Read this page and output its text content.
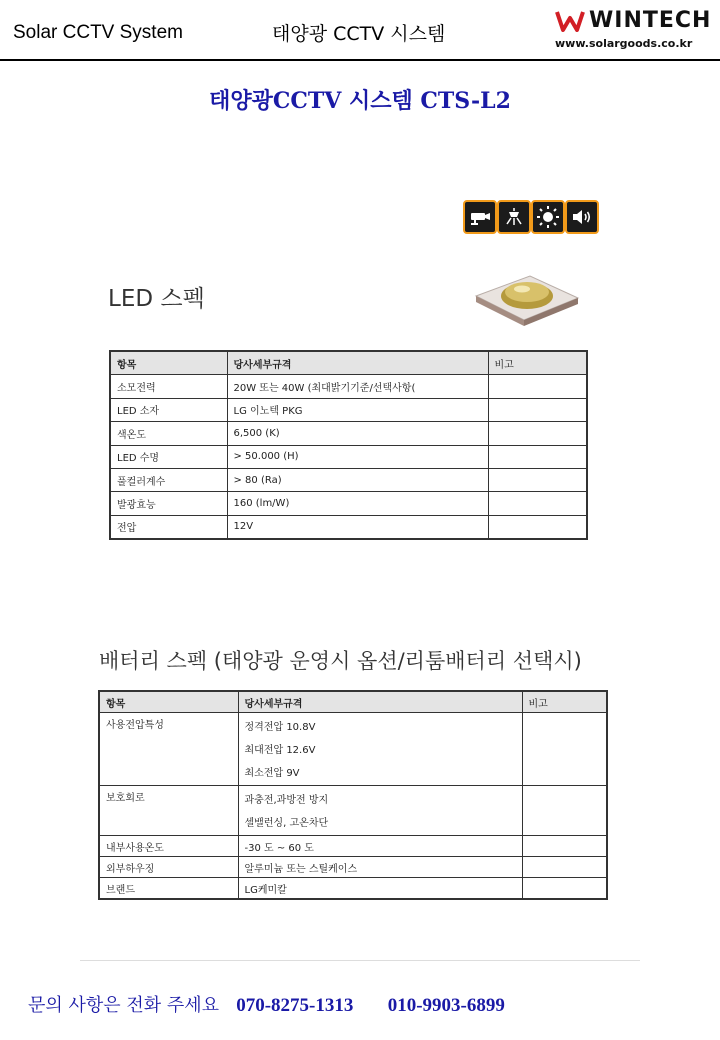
Solar CCTV System	태양광 CCTV 시스템
WINTECH
www.solargoods.co.kr
태양광CCTV 시스템 CTS-L2
LED 스펙
항목	당사세부규격	비고
소모전력	20W 또는 40W (최대밝기기준/선택사항(	
LED 소자	LG 이노텍 PKG	
색온도	6,500 (K)	
LED 수명	> 50.000 (H)	
풀컬러계수	> 80 (Ra)	
발광효능	160 (lm/W)	
전압	12V	
배터리 스펙 (태양광 운영시 옵션/리툼배터리 선택시)
항목	당사세부규격	비고
사용전압특성	정격전압 10.8V
최대전압 12.6V
최소전압 9V	

보호회로	과충전,과방전 방지
셀밸런싱, 고온차단	

내부사용온도	-30 도 ~ 60 도	
외부하우징	알루미늄 또는 스틸케이스	
브랜드	LG케미칼	
문의 사항은 전화 주세요 070-8275-1313 010-9903-6899
